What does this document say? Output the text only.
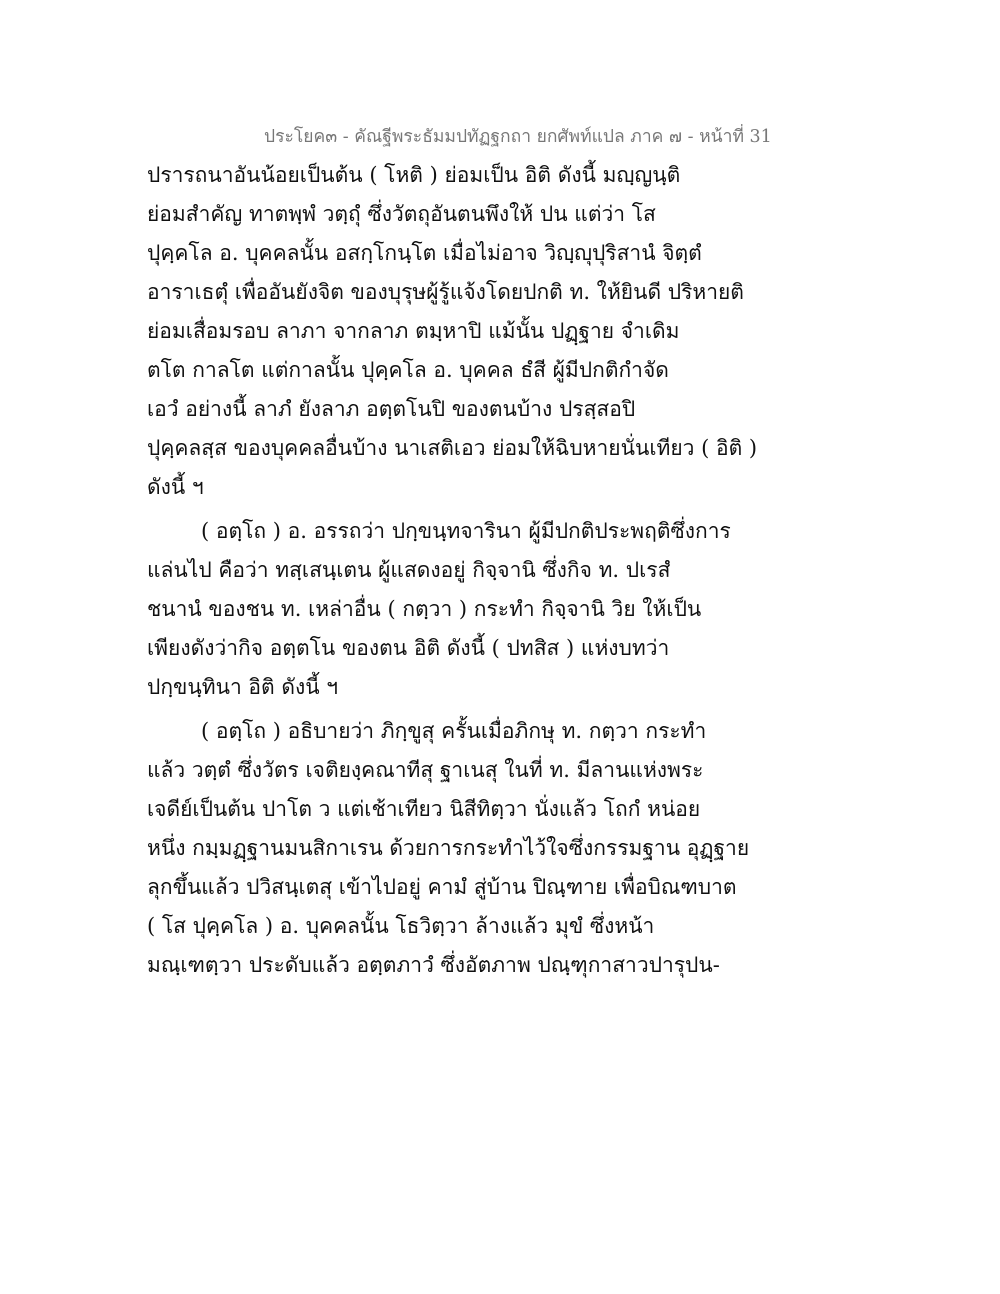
ประโยค๓ - คัณฐีพระธัมมปทัฏฐกถา ยกศัพท์แปล ภาค ๗ - หน้าที่ 31
ปรารถนาอันน้อยเป็นต้น ( โหติ ) ย่อมเป็น อิติ ดังนี้ มญฺญนฺติ
ย่อมสำคัญ ทาตพฺพํ วตฺถุํ ซึ่งวัตถุอันตนพึงให้ ปน แต่ว่า โส
ปุคฺคโล อ. บุคคลนั้น อสกฺโกนฺโต เมื่อไม่อาจ วิญฺญุปุริสานํ จิตฺตํ
อาราเธตุํ เพื่ออันยังจิต ของบุรุษผู้รู้แจ้งโดยปกติ ท. ให้ยินดี ปริหายติ
ย่อมเสื่อมรอบ ลาภา จากลาภ ตมฺหาปิ แม้นั้น ปฏฺฐาย จำเดิม
ตโต กาลโต แต่กาลนั้น ปุคฺคโล อ. บุคคล ธํสี ผู้มีปกติกำจัด
เอวํ อย่างนี้ ลาภํ ยังลาภ อตฺตโนปิ ของตนบ้าง ปรสฺสอปิ
ปุคฺคลสฺส ของบุคคลอื่นบ้าง นาเสติเอว ย่อมให้ฉิบหายนั่นเทียว ( อิติ )
ดังนี้ ฯ
( อตฺโถ ) อ. อรรถว่า ปกฺขนฺทจารินา ผู้มีปกติประพฤติซึ่งการ
แล่นไป คือว่า ทสฺเสนฺเตน ผู้แสดงอยู่ กิจฺจานิ ซึ่งกิจ ท. ปเรสํ
ชนานํ ของชน ท. เหล่าอื่น ( กตฺวา ) กระทำ กิจฺจานิ วิย ให้เป็น
เพียงดังว่ากิจ อตฺตโน ของตน อิติ ดังนี้ ( ปทสิส ) แห่งบทว่า
ปกฺขนฺทินา อิติ ดังนี้ ฯ
( อตฺโถ ) อธิบายว่า ภิกฺขูสุ ครั้นเมื่อภิกษุ ท. กตฺวา กระทำ
แล้ว วตฺตํ ซึ่งวัตร เจติยงฺคณาทีสุ ฐาเนสุ ในที่ ท. มีลานแห่งพระ
เจดีย์เป็นต้น ปาโต ว แต่เช้าเทียว นิสีทิตฺวา นั่งแล้ว โถกํ หน่อย
หนึ่ง กมฺมฏฺฐานมนสิกาเรน ด้วยการกระทำไว้ใจซึ่งกรรมฐาน อุฏฺฐาย
ลุกขึ้นแล้ว ปวิสนฺเตสุ เข้าไปอยู่ คามํ สู่บ้าน ปิณฺฑาย เพื่อบิณฑบาต
( โส ปุคฺคโล ) อ. บุคคลนั้น โธวิตฺวา ล้างแล้ว มุขํ ซึ่งหน้า
มณฺเฑตฺวา ประดับแล้ว อตฺตภาวํ ซึ่งอัตภาพ ปณฺฑุกาสาวปารุปน-
